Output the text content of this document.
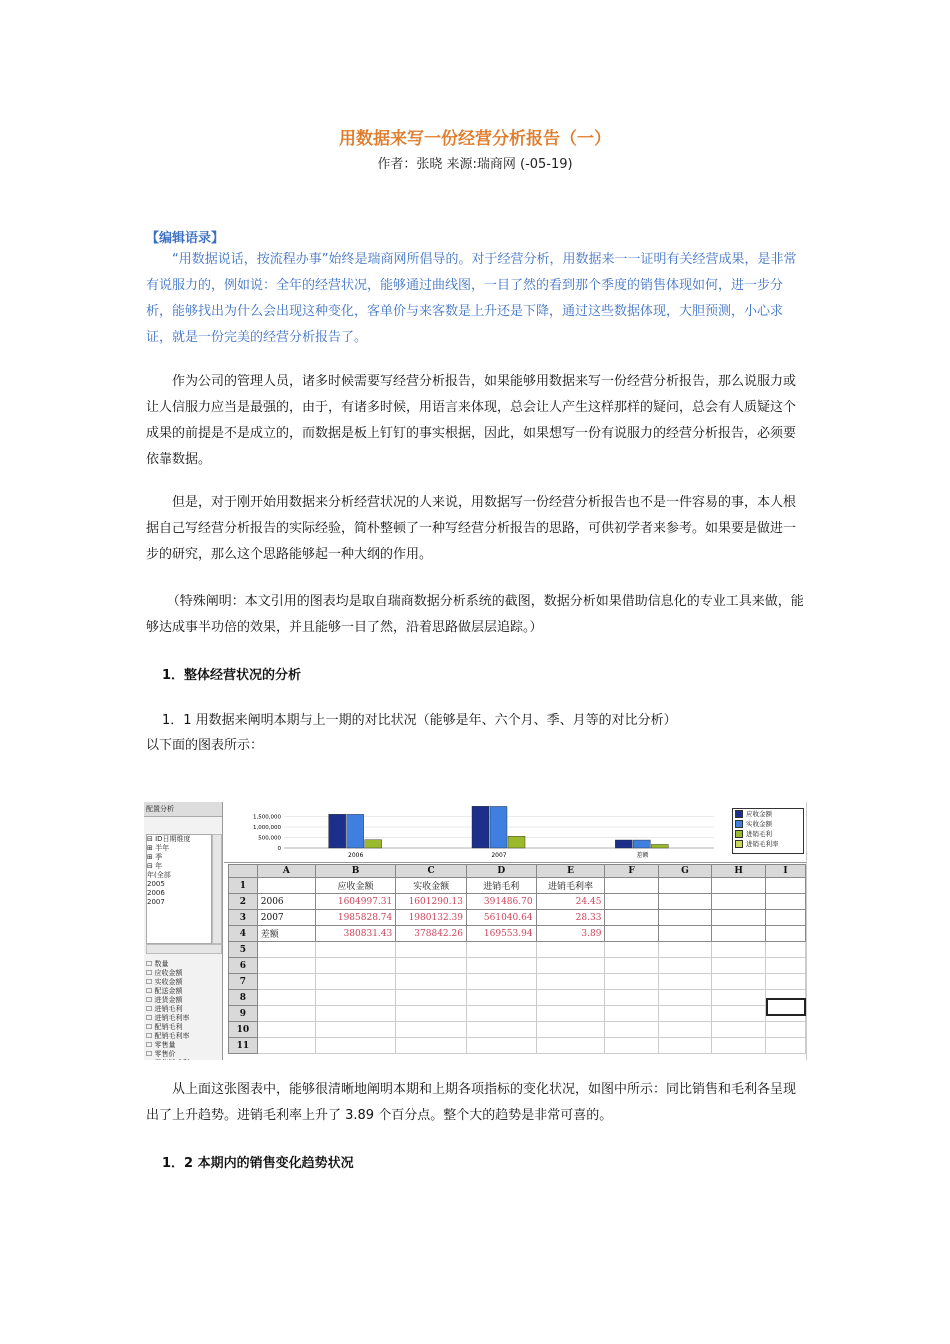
用数据来写一份经营分析报告（一）
作者：张晓 来源:瑞商网 (-05-19)
【编辑语录】

“用数据说话，按流程办事”始终是瑞商网所倡导的。对于经营分析，用数据来一一证明有关经营成果，是非常有说服力的，例如说：全年的经营状况，能够通过曲线图，一目了然的看到那个季度的销售体现如何，进一步分析，能够找出为什么会出现这种变化，客单价与来客数是上升还是下降，通过这些数据体现，大胆预测，小心求证，就是一份完美的经营分析报告了。

作为公司的管理人员，诸多时候需要写经营分析报告，如果能够用数据来写一份经营分析报告，那么说服力或让人信服力应当是最强的，由于，有诸多时候，用语言来体现，总会让人产生这样那样的疑问，总会有人质疑这个成果的前提是不是成立的，而数据是板上钉钉的事实根据，因此，如果想写一份有说服力的经营分析报告，必须要依靠数据。

但是，对于刚开始用数据来分析经营状况的人来说，用数据写一份经营分析报告也不是一件容易的事，本人根据自己写经营分析报告的实际经验，简朴整顿了一种写经营分析报告的思路，可供初学者来参考。如果要是做进一步的研究，那么这个思路能够起一种大纲的作用。

（特殊阐明：本文引用的图表均是取自瑞商数据分析系统的截图，数据分析如果借助信息化的专业工具来做，能够达成事半功倍的效果，并且能够一目了然，沿着思路做层层追踪。）

1．整体经营状况的分析
1．1 用数据来阐明本期与上一期的对比状况（能够是年、六个月、季、月等的对比分析）
以下面的图表所示：
配置分析
⊟ ID日期维度
⊞ 半年
⊞ 季
⊟ 年
年(全部
2005
2006
2007
☐ 数量
☐ 应收金额
☐ 实收金额
☐ 配送金额
☐ 进货金额
☐ 进销毛利
☐ 进销毛利率
☐ 配销毛利
☐ 配销毛利率
☐ 零售量
☐ 零售价
1,500,000
1,000,000
500,000
0
2006	2007	差额
应收金额
实收金额
进销毛利
进销毛利率
	A	B	C	D	E	F	G	H	I
1		应收金额	实收金额	进销毛利	进销毛利率				
2	2006	1604997.31	1601290.13	391486.70	24.45				
3	2007	1985828.74	1980132.39	561040.64	28.33				
4	差额	380831.43	378842.26	169553.94	3.89				
5									
6									
7									
8									
9									
10									
11									

从上面这张图表中，能够很清晰地阐明本期和上期各项指标的变化状况，如图中所示：同比销售和毛利各呈现出了上升趋势。进销毛利率上升了 3.89 个百分点。整个大的趋势是非常可喜的。

1．2 本期内的销售变化趋势状况
